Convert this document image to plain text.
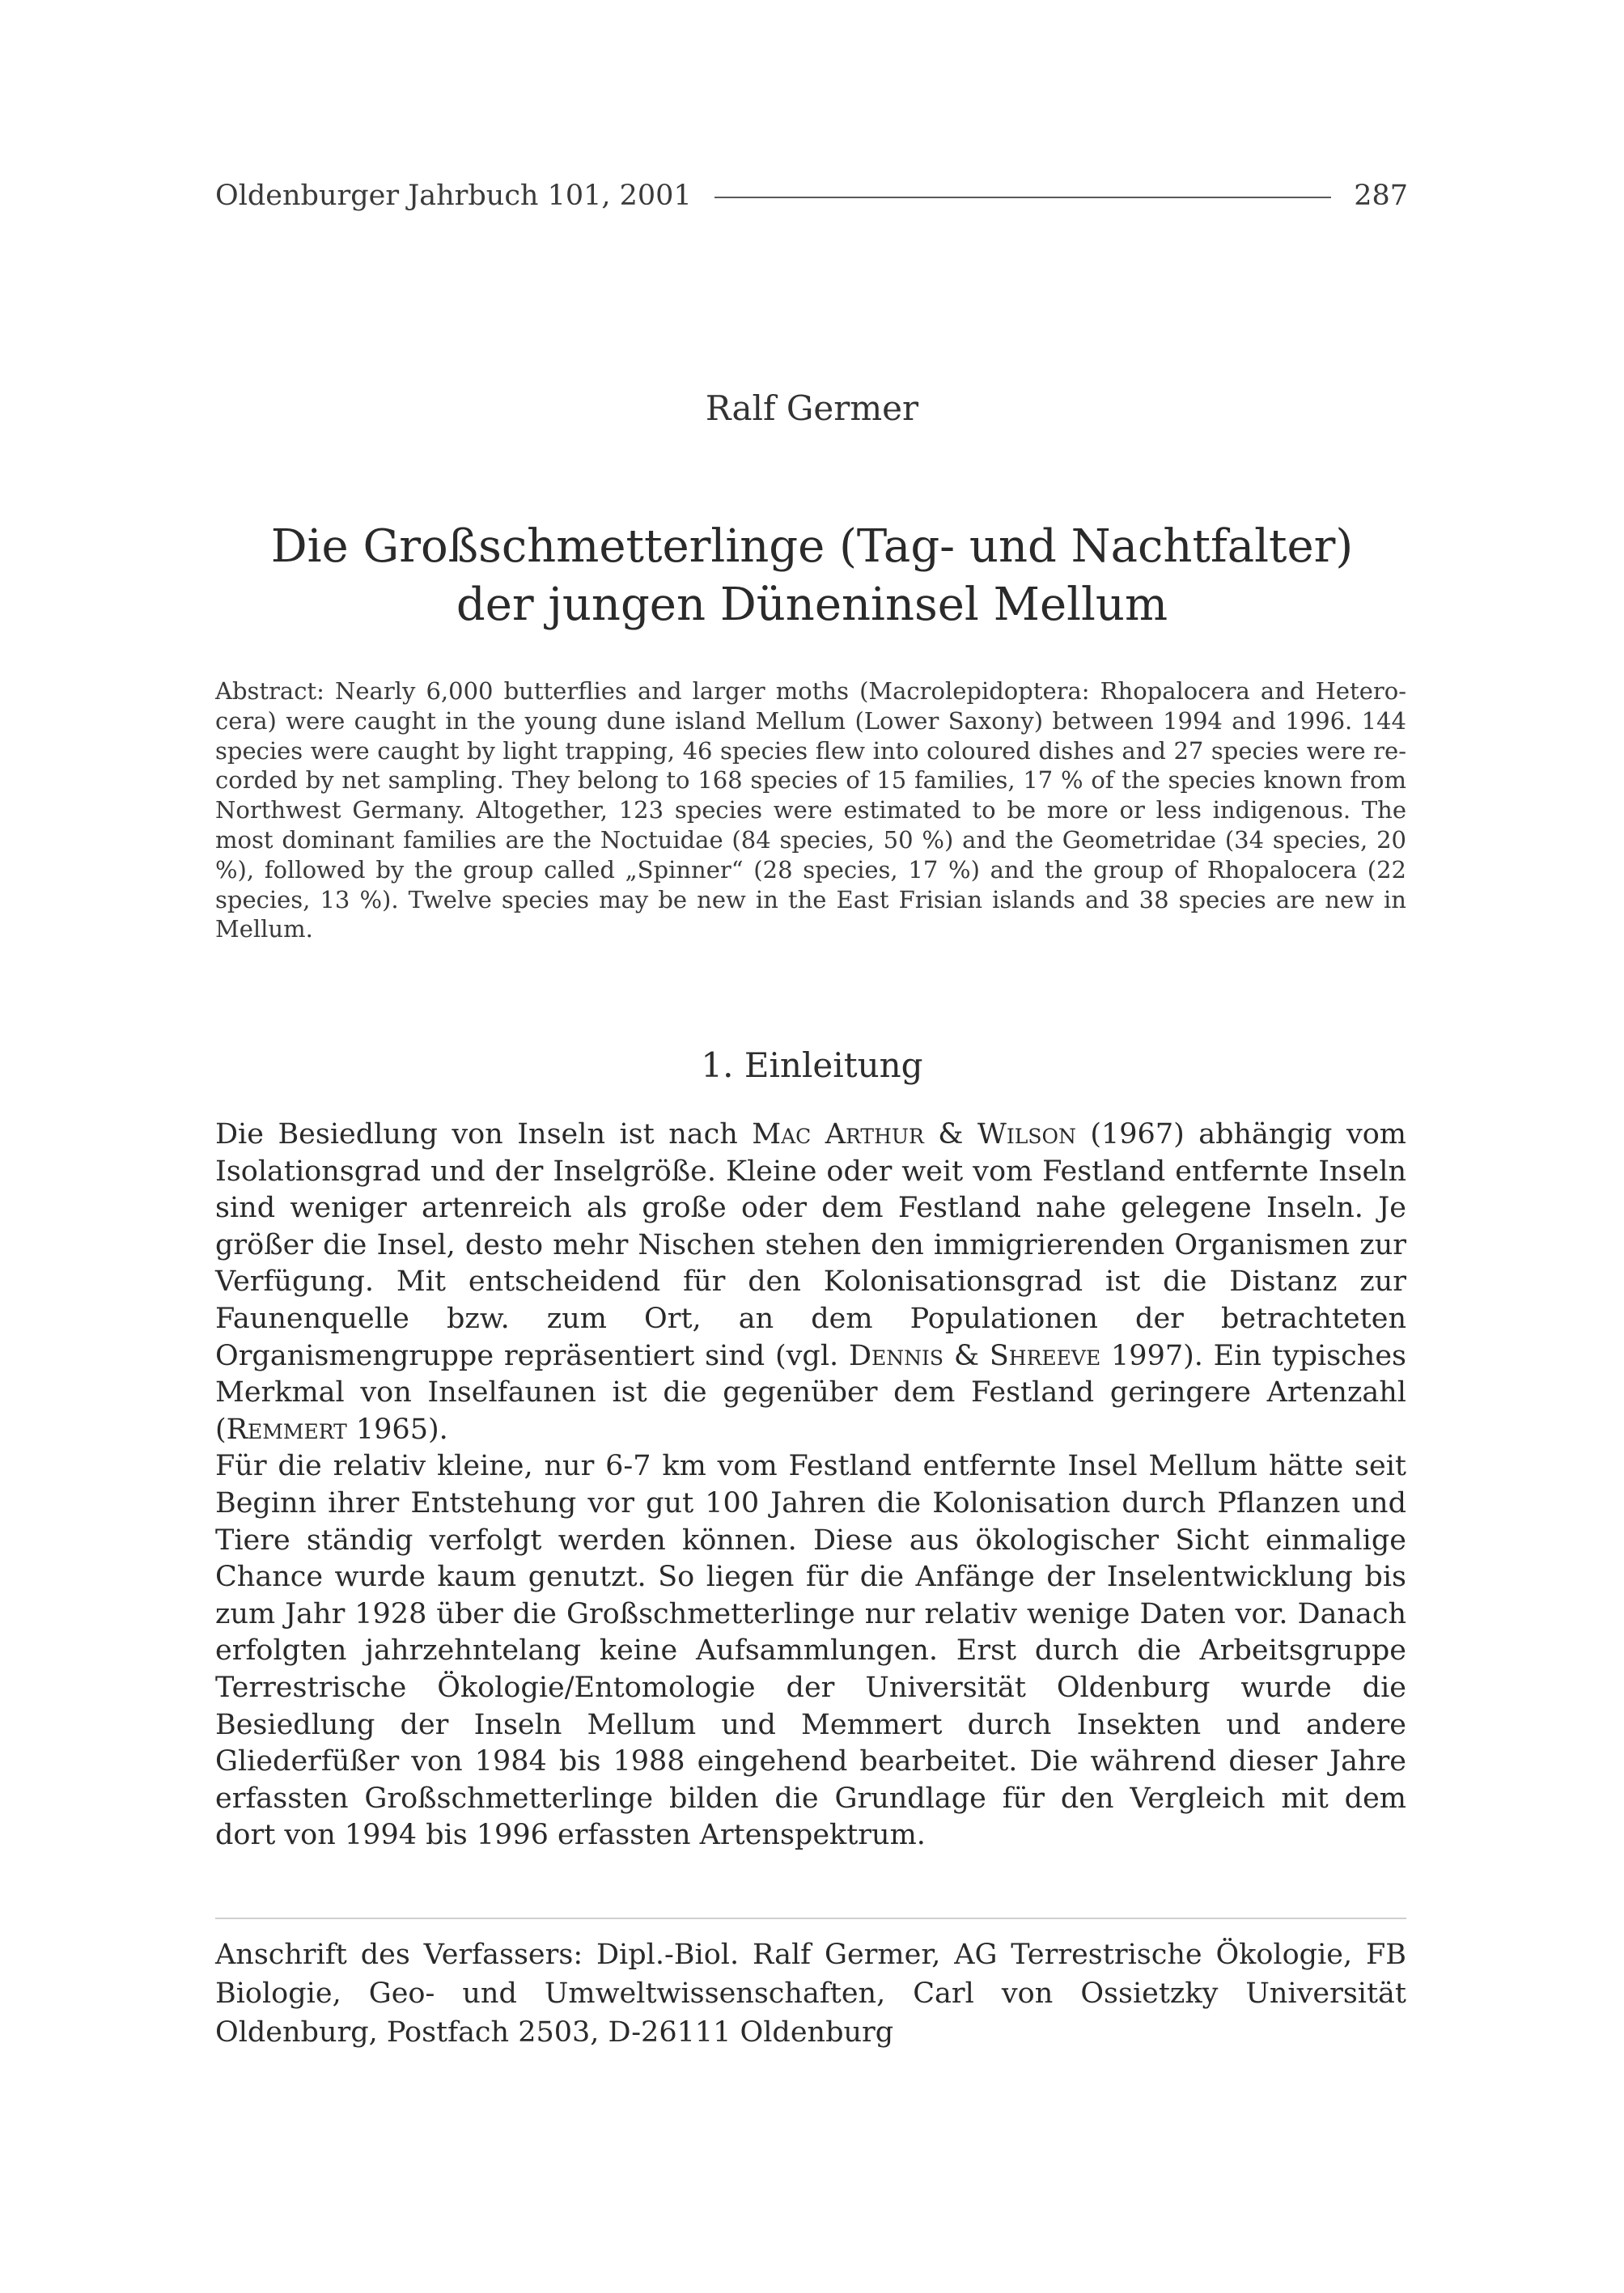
Oldenburger Jahrbuch 101, 2001	287
Ralf Germer
Die Großschmetterlinge (Tag- und Nachtfalter)
der jungen Düneninsel Mellum
Abstract: Nearly 6,000 butterflies and larger moths (Macrolepidoptera: Rhopalocera and Heterocera) were caught in the young dune island Mellum (Lower Saxony) between 1994 and 1996. 144 species were caught by light trapping, 46 species flew into coloured dishes and 27 species were recorded by net sampling. They belong to 168 species of 15 families, 17 % of the species known from Northwest Germany. Altogether, 123 species were estimated to be more or less indigenous. The most dominant families are the Noctuidae (84 species, 50 %) and the Geometridae (34 species, 20 %), followed by the group called „Spinner“ (28 species, 17 %) and the group of Rhopalocera (22 species, 13 %). Twelve species may be new in the East Frisian islands and 38 species are new in Mellum.
1. Einleitung

Die Besiedlung von Inseln ist nach Mac Arthur & Wilson (1967) abhängig vom Isolationsgrad und der Inselgröße. Kleine oder weit vom Festland entfernte Inseln sind weniger artenreich als große oder dem Festland nahe gelegene Inseln. Je größer die Insel, desto mehr Nischen stehen den immigrierenden Organismen zur Verfügung. Mit entscheidend für den Kolonisationsgrad ist die Distanz zur Faunenquelle bzw. zum Ort, an dem Populationen der betrachteten Organismengruppe repräsentiert sind (vgl. Dennis & Shreeve 1997). Ein typisches Merkmal von Inselfaunen ist die gegenüber dem Festland geringere Artenzahl (Remmert 1965).

Für die relativ kleine, nur 6-7 km vom Festland entfernte Insel Mellum hätte seit Beginn ihrer Entstehung vor gut 100 Jahren die Kolonisation durch Pflanzen und Tiere ständig verfolgt werden können. Diese aus ökologischer Sicht einmalige Chance wurde kaum genutzt. So liegen für die Anfänge der Inselentwicklung bis zum Jahr 1928 über die Großschmetterlinge nur relativ wenige Daten vor. Danach erfolgten jahrzehntelang keine Aufsammlungen. Erst durch die Arbeitsgruppe Terrestrische Ökologie/Entomologie der Universität Oldenburg wurde die Besiedlung der Inseln Mellum und Memmert durch Insekten und andere Gliederfüßer von 1984 bis 1988 eingehend bearbeitet. Die während dieser Jahre erfassten Großschmetterlinge bilden die Grundlage für den Vergleich mit dem dort von 1994 bis 1996 erfassten Artenspektrum.

Anschrift des Verfassers: Dipl.-Biol. Ralf Germer, AG Terrestrische Ökologie, FB Biologie, Geo- und Umweltwissenschaften, Carl von Ossietzky Universität Oldenburg, Postfach 2503, D-26111 Oldenburg
